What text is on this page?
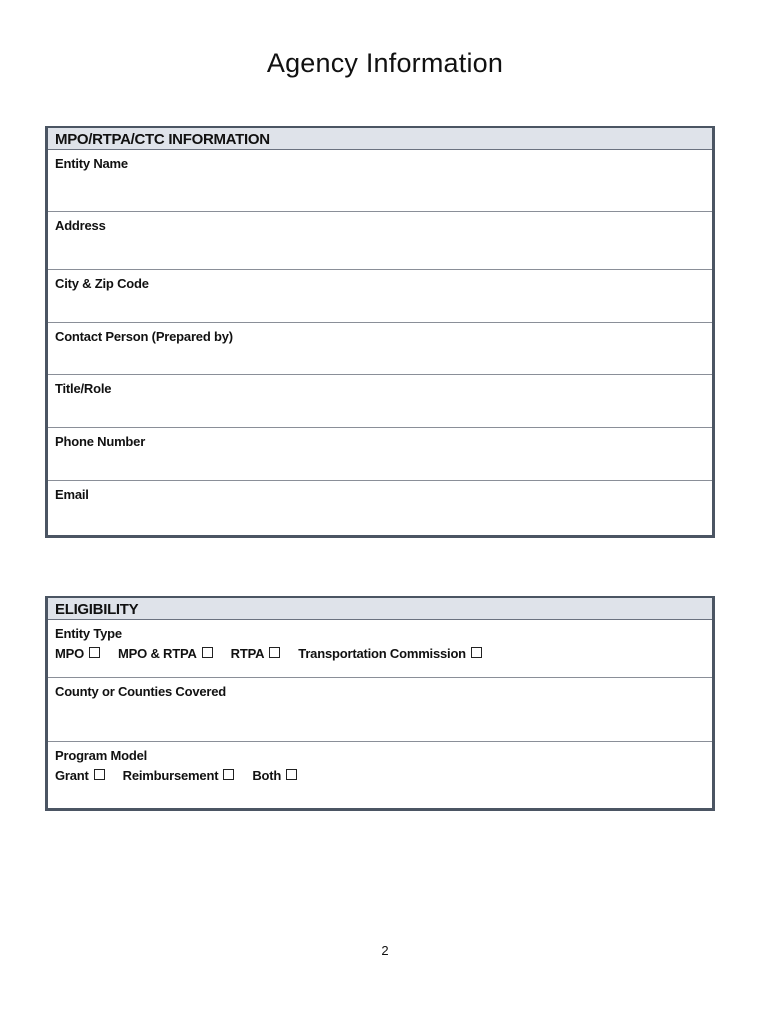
Agency Information
MPO/RTPA/CTC INFORMATION
Entity Name
Address
City & Zip Code
Contact Person (Prepared by)
Title/Role
Phone Number
Email
ELIGIBILITY
Entity Type
MPO	MPO & RTPA	RTPA	Transportation Commission
County or Counties Covered
Program Model
Grant	Reimbursement	Both
2
